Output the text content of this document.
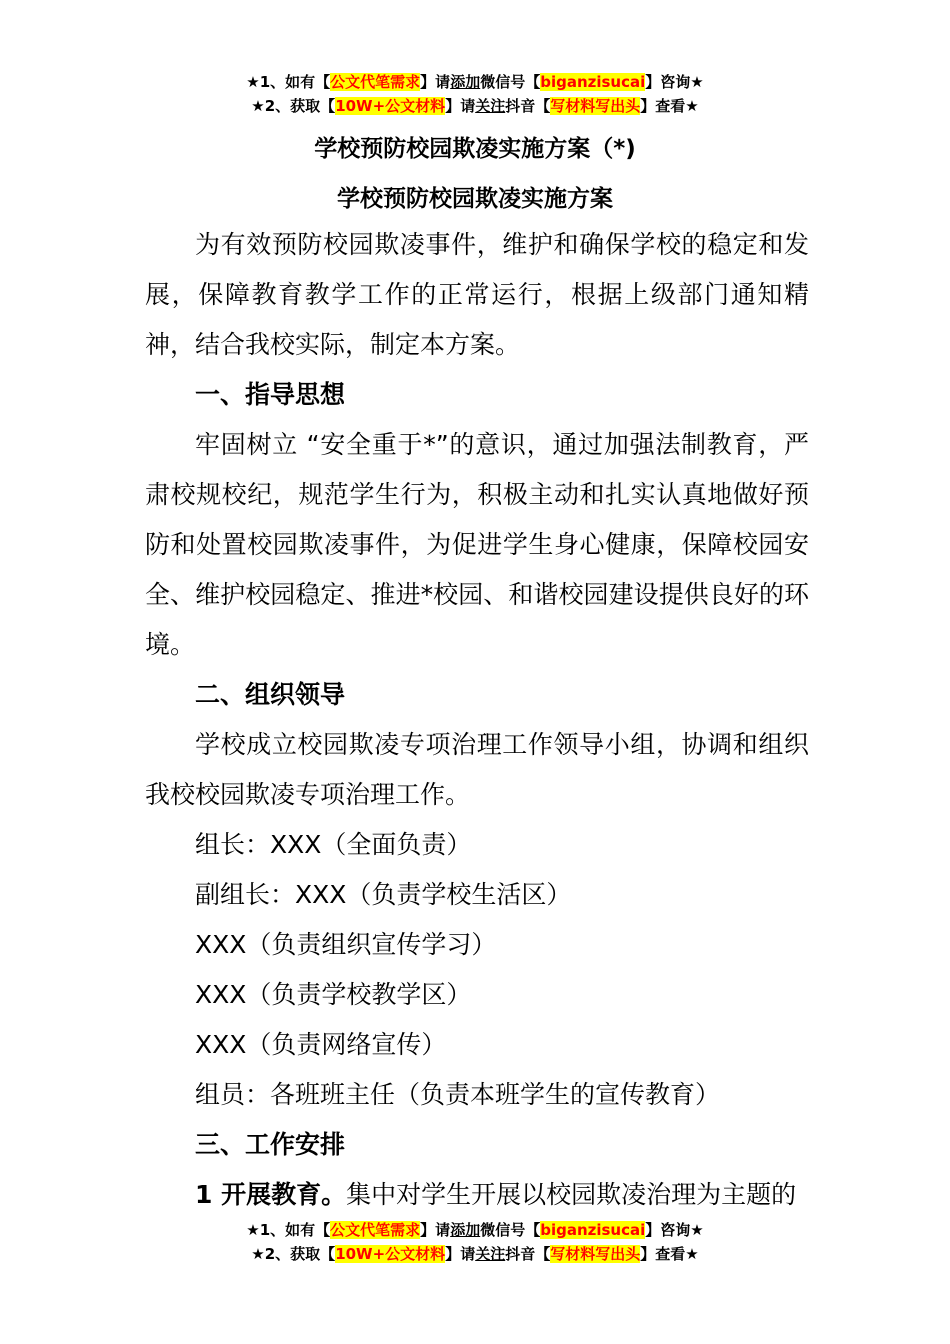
★1、如有【公文代笔需求】请添加微信号【biganzisucai】咨询★
★2、获取【10W+公文材料】请关注抖音【写材料写出头】查看★
学校预防校园欺凌实施方案（*)
学校预防校园欺凌实施方案

为有效预防校园欺凌事件，维护和确保学校的稳定和发展，保障教育教学工作的正常运行，根据上级部门通知精神，结合我校实际，制定本方案。

一、指导思想

牢固树立 “安全重于*”的意识，通过加强法制教育，严肃校规校纪，规范学生行为，积极主动和扎实认真地做好预防和处置校园欺凌事件，为促进学生身心健康，保障校园安全、维护校园稳定、推进*校园、和谐校园建设提供良好的环境。

二、组织领导

学校成立校园欺凌专项治理工作领导小组，协调和组织我校校园欺凌专项治理工作。

组长：XXX（全面负责）

副组长：XXX（负责学校生活区）

XXX（负责组织宣传学习）

XXX（负责学校教学区）

XXX（负责网络宣传）

组员：各班班主任（负责本班学生的宣传教育）

三、工作安排

1 开展教育。集中对学生开展以校园欺凌治理为主题的

★1、如有【公文代笔需求】请添加微信号【biganzisucai】咨询★
★2、获取【10W+公文材料】请关注抖音【写材料写出头】查看★
